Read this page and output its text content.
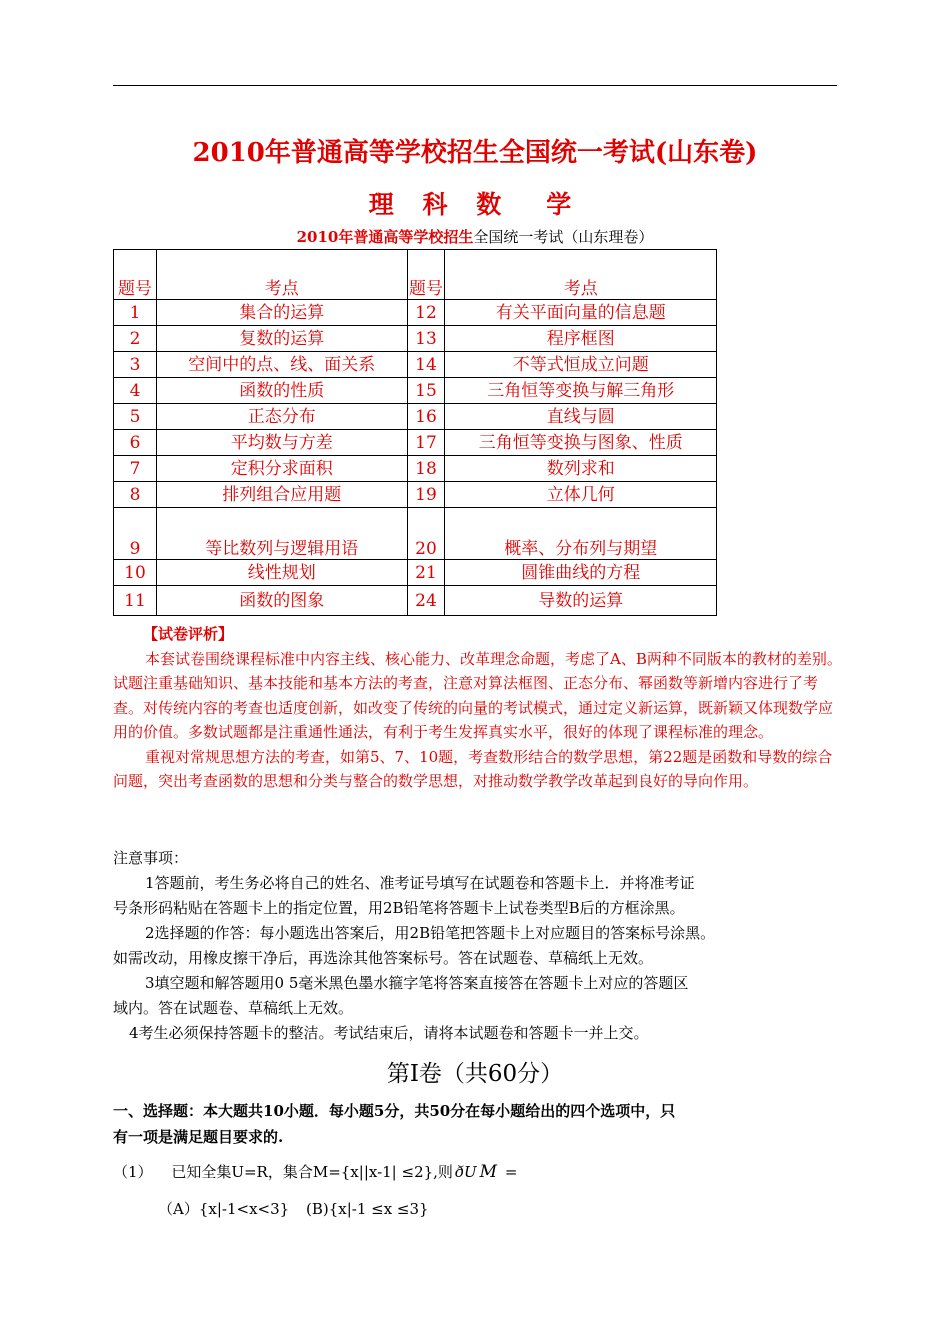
2010年普通高等学校招生全国统一考试(山东卷)
理 科 数　学
2010年普通高等学校招生全国统一考试（山东理卷）
题号	考点	题号	考点
1	集合的运算	12	有关平面向量的信息题
2	复数的运算	13	程序框图
3	空间中的点、线、面关系	14	不等式恒成立问题
4	函数的性质	15	三角恒等变换与解三角形
5	正态分布	16	直线与圆
6	平均数与方差	17	三角恒等变换与图象、性质
7	定积分求面积	18	数列求和
8	排列组合应用题	19	立体几何
9	等比数列与逻辑用语	20	概率、分布列与期望
10	线性规划	21	圆锥曲线的方程
11	函数的图象	24	导数的运算

【试卷评析】

本套试卷围绕课程标准中内容主线、核心能力、改革理念命题，考虑了A、B两种不同版本的教材的差别。试题注重基础知识、基本技能和基本方法的考查，注意对算法框图、正态分布、幂函数等新增内容进行了考查。对传统内容的考查也适度创新，如改变了传统的向量的考试模式，通过定义新运算，既新颖又体现数学应用的价值。多数试题都是注重通性通法，有利于考生发挥真实水平，很好的体现了课程标准的理念。

重视对常规思想方法的考查，如第5、7、10题，考查数形结合的数学思想，第22题是函数和导数的综合问题，突出考查函数的思想和分类与整合的数学思想，对推动数学教学改革起到良好的导向作用。

注意事项：

1答题前，考生务必将自己的姓名、准考证号填写在试题卷和答题卡上．并将准考证

号条形码粘贴在答题卡上的指定位置，用2B铅笔将答题卡上试卷类型B后的方框涂黑。

2选择题的作答：每小题选出答案后，用2B铅笔把答题卡上对应题目的答案标号涂黑。

如需改动，用橡皮擦干净后，再选涂其他答案标号。答在试题卷、草稿纸上无效。

3填空题和解答题用0 5毫米黑色墨水箍字笔将答案直接答在答题卡上对应的答题区

域内。答在试题卷、草稿纸上无效。

4考生必须保持答题卡的整洁。考试结束后，请将本试题卷和答题卡一并上交。

第Ⅰ卷（共60分）
一、选择题：本大题共10小题．每小题5分，共50分在每小题给出的四个选项中，只
有一项是满足题目要求的.
（1） 已知全集U=R，集合M={x||x-1| ≤2},则 ðU M =
（A）{x|-1<x<3} (B){x|-1 ≤x ≤3}
